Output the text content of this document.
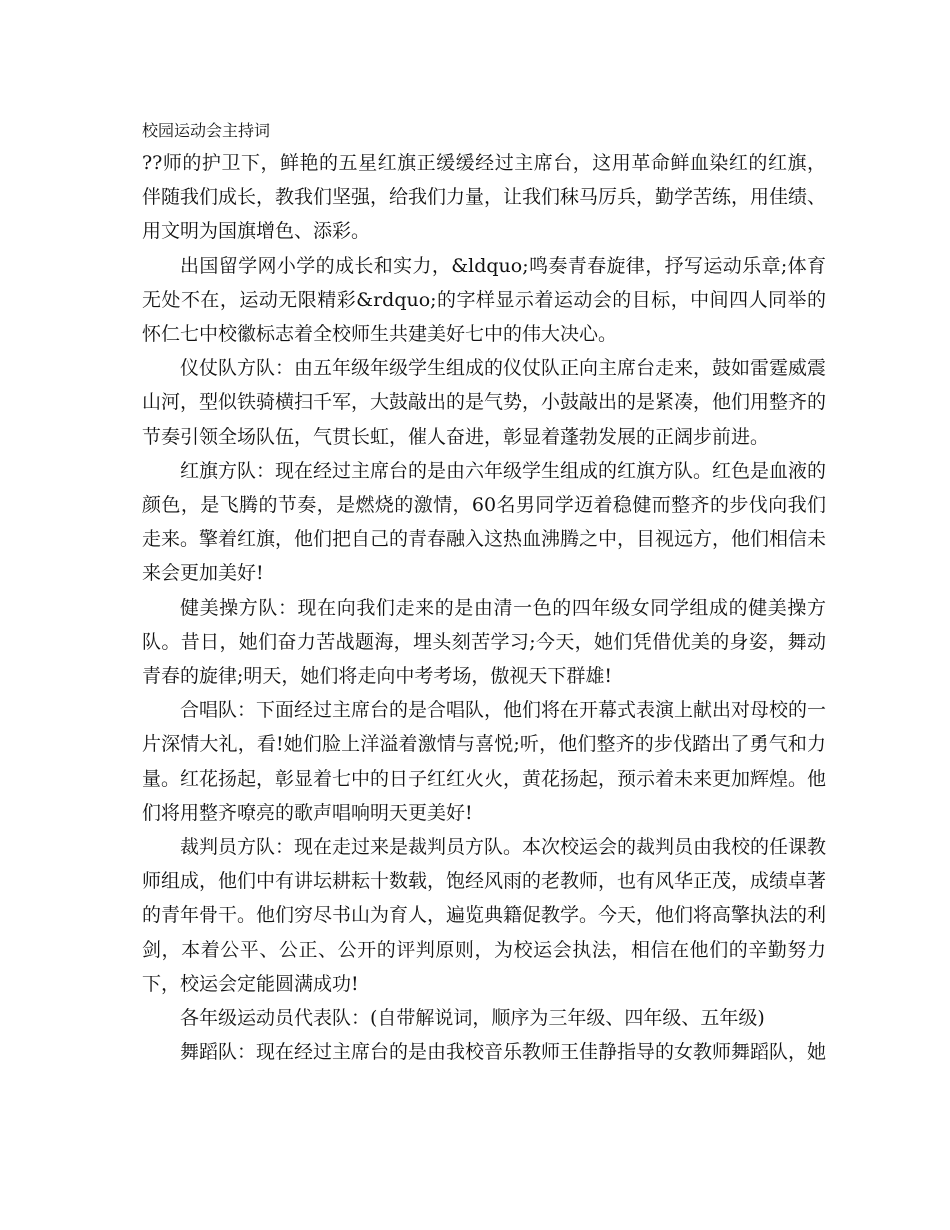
校园运动会主持词

??师的护卫下，鲜艳的五星红旗正缓缓经过主席台，这用革命鲜血染红的红旗，伴随我们成长，教我们坚强，给我们力量，让我们秣马厉兵，勤学苦练，用佳绩、用文明为国旗增色、添彩。

出国留学网小学的成长和实力，&ldquo;鸣奏青春旋律，抒写运动乐章;体育无处不在，运动无限精彩&rdquo;的字样显示着运动会的目标，中间四人同举的怀仁七中校徽标志着全校师生共建美好七中的伟大决心。

仪仗队方队：由五年级年级学生组成的仪仗队正向主席台走来，鼓如雷霆威震山河，型似铁骑横扫千军，大鼓敲出的是气势，小鼓敲出的是紧凑，他们用整齐的节奏引领全场队伍，气贯长虹，催人奋进，彰显着蓬勃发展的正阔步前进。

红旗方队：现在经过主席台的是由六年级学生组成的红旗方队。红色是血液的颜色，是飞腾的节奏，是燃烧的激情，60名男同学迈着稳健而整齐的步伐向我们走来。擎着红旗，他们把自己的青春融入这热血沸腾之中，目视远方，他们相信未来会更加美好!

健美操方队：现在向我们走来的是由清一色的四年级女同学组成的健美操方队。昔日，她们奋力苦战题海，埋头刻苦学习;今天，她们凭借优美的身姿，舞动青春的旋律;明天，她们将走向中考考场，傲视天下群雄!

合唱队：下面经过主席台的是合唱队，他们将在开幕式表演上献出对母校的一片深情大礼，看!她们脸上洋溢着激情与喜悦;听，他们整齐的步伐踏出了勇气和力量。红花扬起，彰显着七中的日子红红火火，黄花扬起，预示着未来更加辉煌。他们将用整齐嘹亮的歌声唱响明天更美好!

裁判员方队：现在走过来是裁判员方队。本次校运会的裁判员由我校的任课教师组成，他们中有讲坛耕耘十数载，饱经风雨的老教师，也有风华正茂，成绩卓著的青年骨干。他们穷尽书山为育人，遍览典籍促教学。今天，他们将高擎执法的利剑，本着公平、公正、公开的评判原则，为校运会执法，相信在他们的辛勤努力下，校运会定能圆满成功!

各年级运动员代表队：(自带解说词，顺序为三年级、四年级、五年级)

舞蹈队：现在经过主席台的是由我校音乐教师王佳静指导的女教师舞蹈队，她
